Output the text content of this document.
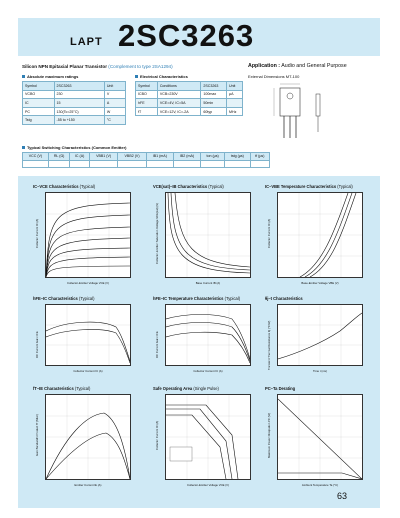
LAPT 2SC3263
Silicon NPN Epitaxial Planar Transistor (Complement to type 2SA1294)	Application : Audio and General Purpose
Absolute maximum ratings
Symbol	2SC3263	Unit
VCBO	230	V
IC	15	A
PC	130(Tc=25°C)	W
Tstg	-55 to +150	°C
Electrical Characteristics
Symbol	Conditions	2SC3263	Unit
ICBO	VCB=230V	100max	µA
hFE	VCE=4V, IC=5A	50min	
fT	VCE=12V, IC=-2A	60typ	MHz
External Dimensions MT-100
Typical Switching Characteristics (Common Emitter)
VCC (V)	RL (Ω)	IC (A)	VBB1 (V)	VBB2 (V)	IB1 (mA)	IB2 (mA)	ton (µs)	tstg (µs)	tf (µs)

IC–VCE Characteristics (Typical)
Collector Current IC (A)
Collector-Emitter Voltage VCE (V)
VCE(sat)–IB Characteristics (Typical)
Collector-Emitter Saturation Voltage VCE(sat) (V)
Base Current IB (A)
IC–VBE Temperature Characteristics (Typical)
Collector Current IC (A)
Base-Emitter Voltage VBE (V)
hFE–IC Characteristics (Typical)
DC Current Gain hFE
Collector Current IC (A)
hFE–IC Temperature Characteristics (Typical)
DC Current Gain hFE
Collector Current IC (A)
θj–t Characteristics
Transient Thermal Resistance θj (°C/W)
Time t (ms)
fT–IE Characteristics (Typical)
Gain Bandwidth Product fT (MHz)
Emitter Current IE (A)
Safe Operating Area (Single Pulse)
Collector Current IC (A)
Collector-Emitter Voltage VCE (V)
PC–Ta Derating
Maximum Power Dissipation PC (W)
Ambient Temperature Ta (°C)
63
